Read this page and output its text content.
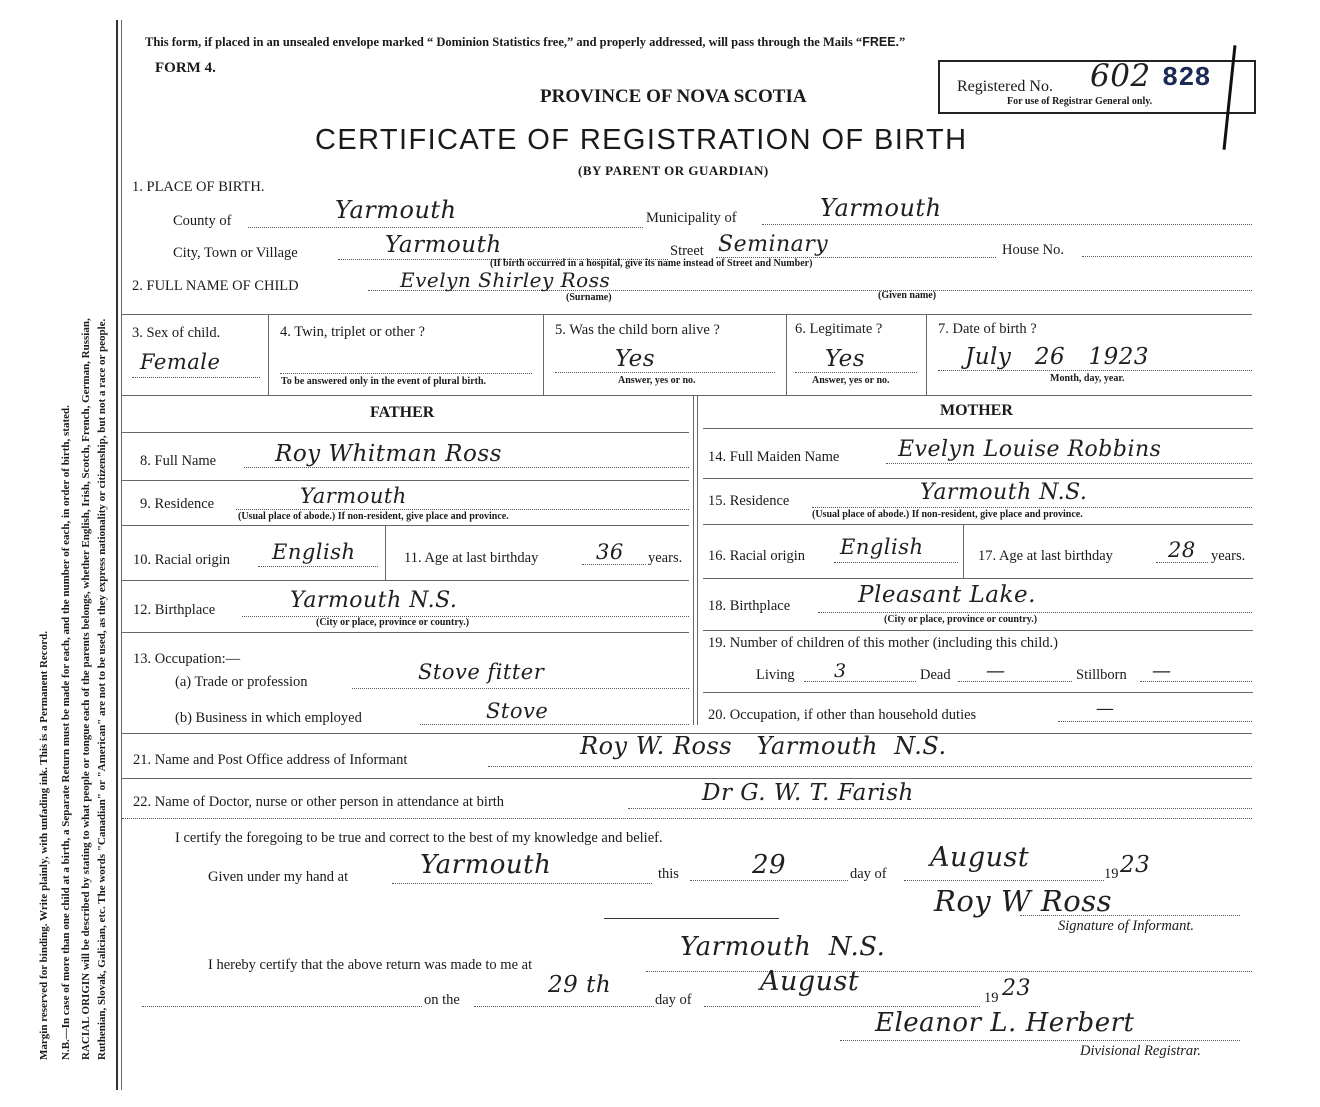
Margin reserved for binding. Write plainly, with unfading ink. This is a Permanent Record. N.B.—In case of more than one child at a birth, a Separate Return must be made for each, and the number of each, in order of birth, stated. RACIAL ORIGIN will be described by stating to what people or tongue each of the parents belongs, whether English, Irish, Scotch, French, German, Russian, Ruthenian, Slovak, Galician, etc. The words "Canadian" or "American" are not to be used, as they express nationality or citizenship, but not a race or people.
This form, if placed in an unsealed envelope marked “ Dominion Statistics free,” and properly addressed, will pass through the Mails “FREE.”
FORM 4.
PROVINCE OF NOVA SCOTIA
CERTIFICATE OF REGISTRATION OF BIRTH
(BY PARENT OR GUARDIAN)
Registered No. 602 828
For use of Registrar General only.
1. PLACE OF BIRTH.
County of	Yarmouth	Municipality of	Yarmouth
City, Town or Village	Yarmouth	Street Seminary	House No.
(If birth occurred in a hospital, give its name instead of Street and Number)
2. FULL NAME OF CHILD	Evelyn Shirley Ross
(Surname)	(Given name)
3. Sex of child.
Female
4. Twin, triplet or other ?
To be answered only in the event of plural birth.
5. Was the child born alive ?
Yes
Answer, yes or no.
6. Legitimate ?
Yes
Answer, yes or no.
7. Date of birth ?
July   26   1923
Month, day, year.
FATHER
8. Full Name	Roy Whitman Ross
9. Residence	Yarmouth
(Usual place of abode.) If non-resident, give place and province.
10. Racial origin English	11. Age at last birthday	36 years.
12. Birthplace	Yarmouth N.S.
(City or place, province or country.)
13. Occupation:—
(a) Trade or profession	Stove fitter
(b) Business in which employed	Stove
MOTHER
14. Full Maiden Name	Evelyn Louise Robbins
15. Residence	Yarmouth N.S.
(Usual place of abode.) If non-resident, give place and province.
16. Racial origin English	17. Age at last birthday	28 years.
18. Birthplace	Pleasant Lake.
(City or place, province or country.)
19. Number of children of this mother (including this child.)
Living 3	Dead —	Stillborn —
20. Occupation, if other than household duties	—
21. Name and Post Office address of Informant	Roy W. Ross   Yarmouth  N.S.
22. Name of Doctor, nurse or other person in attendance at birth	Dr G. W. T. Farish
I certify the foregoing to be true and correct to the best of my knowledge and belief.
Given under my hand at	Yarmouth	this	29	day of
August
19 23
Roy W Ross
Signature of Informant.
I hereby certify that the above return was made to me at
Yarmouth  N.S.
on the
29 th
day of
August
19 23
Eleanor L. Herbert
Divisional Registrar.
